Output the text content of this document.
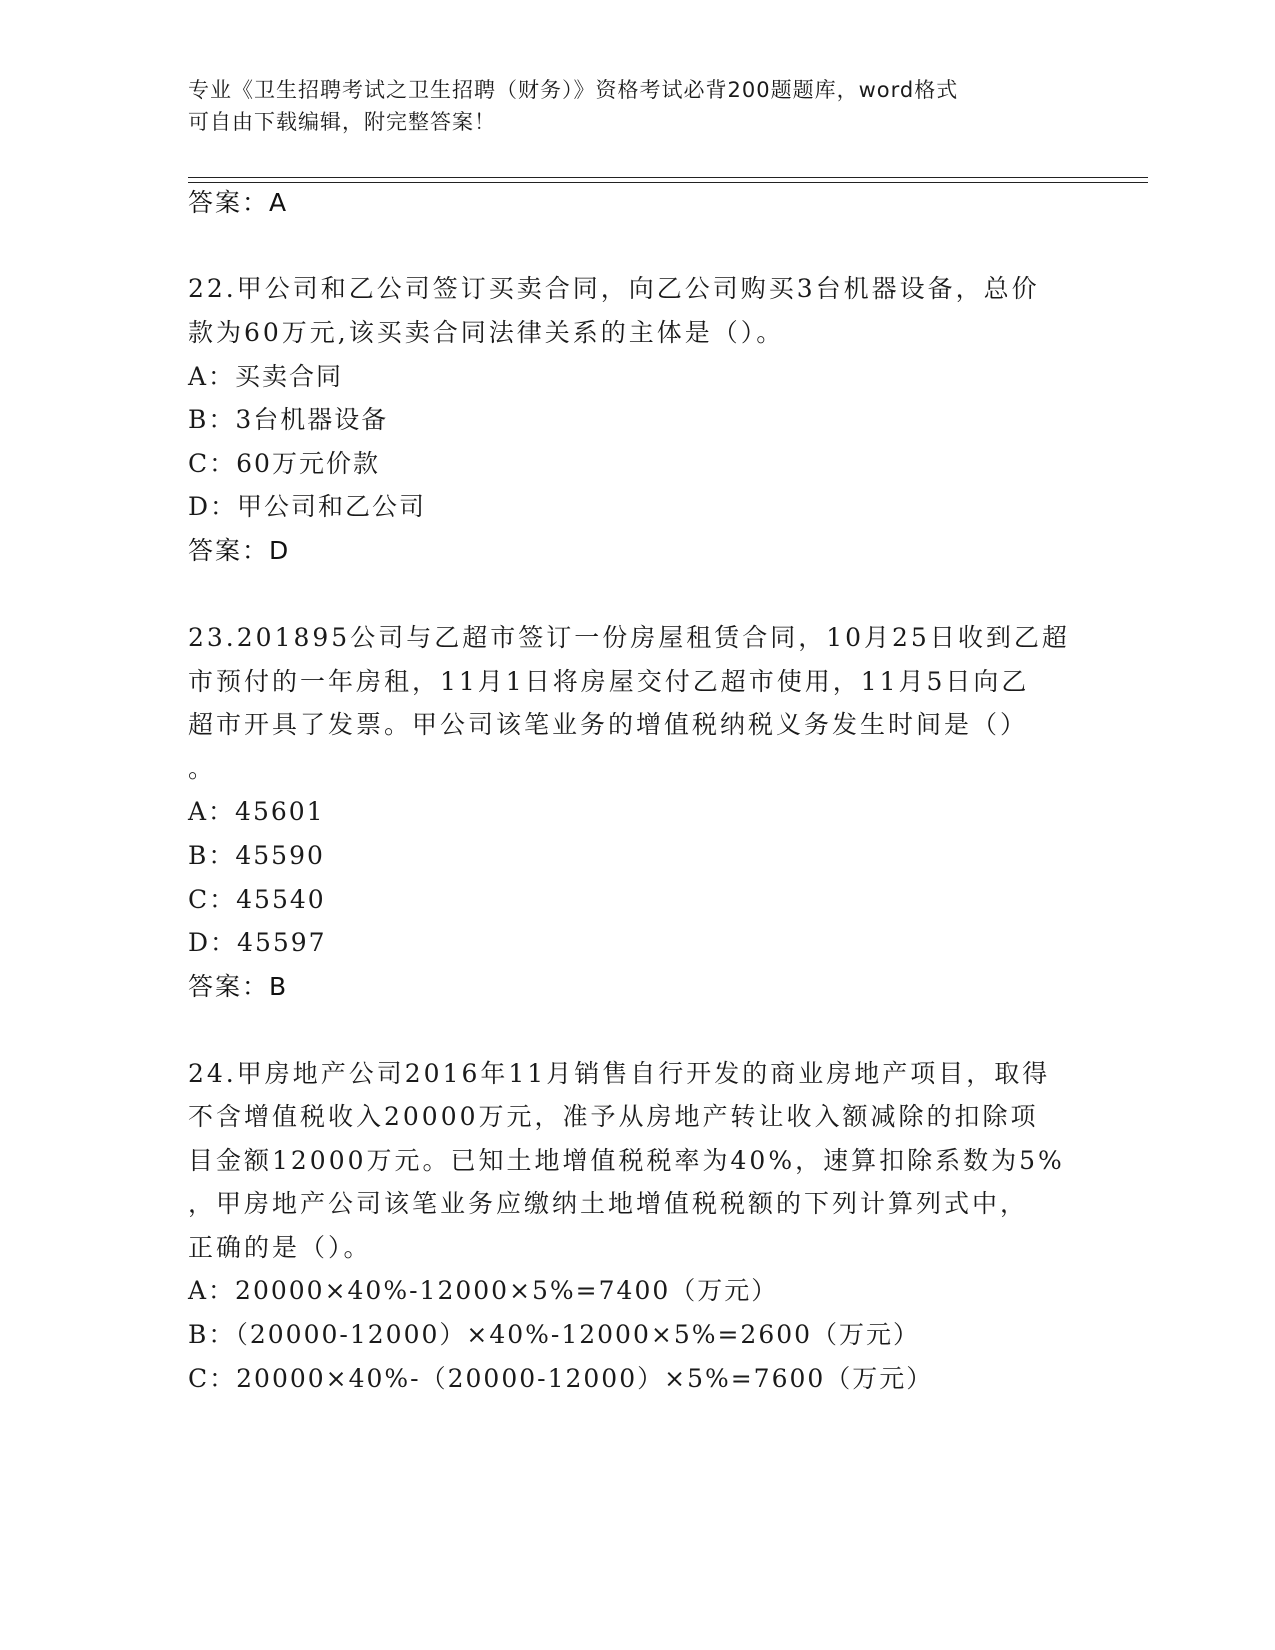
专业《卫生招聘考试之卫生招聘（财务）》资格考试必背200题题库，word格式
可自由下载编辑，附完整答案！
答案：A
22.甲公司和乙公司签订买卖合同，向乙公司购买3台机器设备，总价
款为60万元,该买卖合同法律关系的主体是（）。
A：买卖合同
B：3台机器设备
C：60万元价款
D：甲公司和乙公司
答案：D
23.201895公司与乙超市签订一份房屋租赁合同，10月25日收到乙超
市预付的一年房租，11月1日将房屋交付乙超市使用，11月5日向乙
超市开具了发票。甲公司该笔业务的增值税纳税义务发生时间是（）
。
A：45601
B：45590
C：45540
D：45597
答案：B
24.甲房地产公司2016年11月销售自行开发的商业房地产项目，取得
不含增值税收入20000万元，准予从房地产转让收入额减除的扣除项
目金额12000万元。已知土地增值税税率为40%，速算扣除系数为5%
，甲房地产公司该笔业务应缴纳土地增值税税额的下列计算列式中，
正确的是（）。
A：20000×40%-12000×5%=7400（万元）
B：（20000-12000）×40%-12000×5%=2600（万元）
C：20000×40%-（20000-12000）×5%=7600（万元）
